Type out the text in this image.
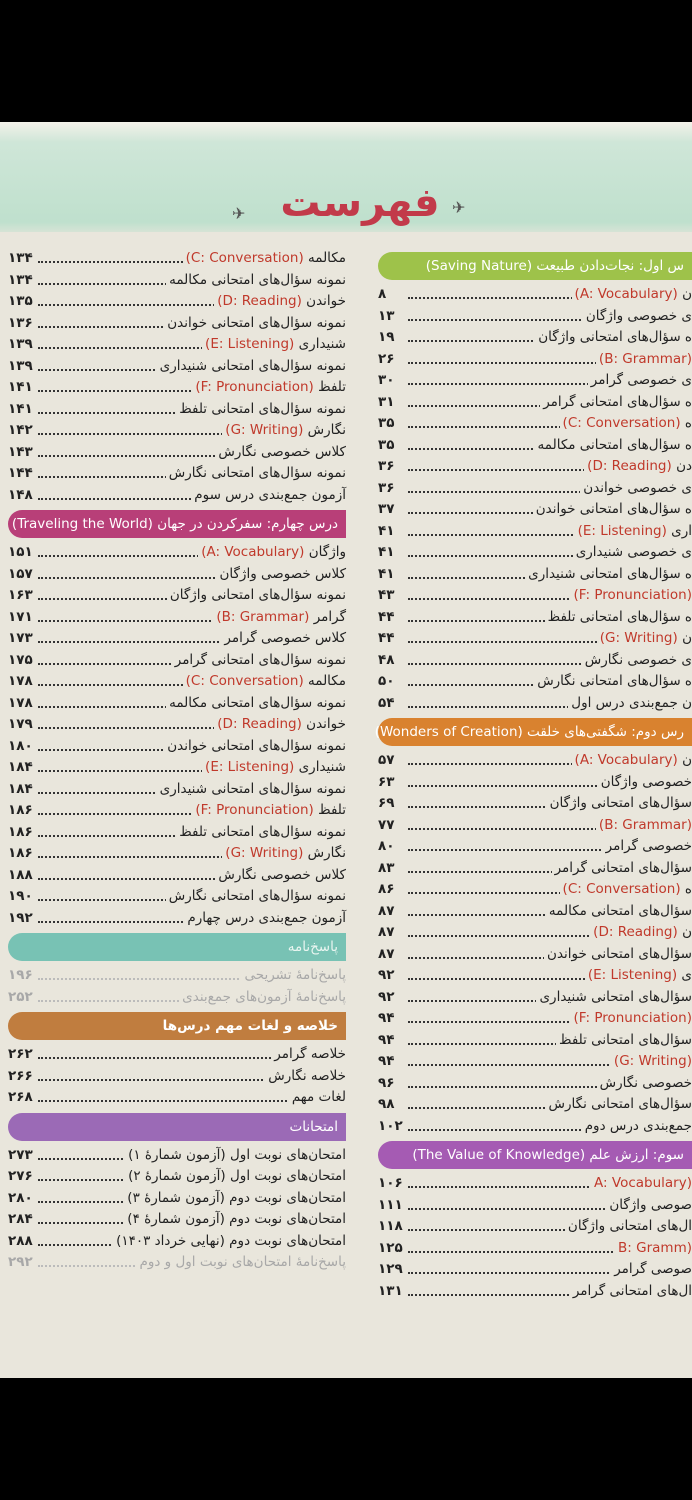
✈	✈
فهرست
س اول: نجات‌دادن طبیعت (Saving Nature)
ن (A: Vocabulary)
۸
ی خصوصی واژگان
۱۳
ه سؤال‌های امتحانی واژگان
۱۹
(B: Grammar)
۲۶
ی خصوصی گرامر
۳۰
ه سؤال‌های امتحانی گرامر
۳۱
ه (C: Conversation)
۳۵
ه سؤال‌های امتحانی مکالمه
۳۵
دن (D: Reading)
۳۶
ی خصوصی خواندن
۳۶
ه سؤال‌های امتحانی خواندن
۳۷
اری (E: Listening)
۴۱
ی خصوصی شنیداری
۴۱
ه سؤال‌های امتحانی شنیداری
۴۱
(F: Pronunciation)
۴۳
ه سؤال‌های امتحانی تلفظ
۴۴
ن (G: Writing)
۴۴
ی خصوصی نگارش
۴۸
ه سؤال‌های امتحانی نگارش
۵۰
ن جمع‌بندی درس اول
۵۴
رس دوم: شگفتی‌های خلقت (Wonders of Creation)
ن (A: Vocabulary)
۵۷
خصوصی واژگان
۶۳
سؤال‌های امتحانی واژگان
۶۹
(B: Grammar)
۷۷
خصوصی گرامر
۸۰
سؤال‌های امتحانی گرامر
۸۳
ه (C: Conversation)
۸۶
سؤال‌های امتحانی مکالمه
۸۷
ن (D: Reading)
۸۷
سؤال‌های امتحانی خواندن
۸۷
ی (E: Listening)
۹۲
سؤال‌های امتحانی شنیداری
۹۲
(F: Pronunciation)
۹۴
سؤال‌های امتحانی تلفظ
۹۴
(G: Writing)
۹۴
خصوصی نگارش
۹۶
سؤال‌های امتحانی نگارش
۹۸
جمع‌بندی درس دوم
۱۰۲
سوم: ارزش علم (The Value of Knowledge)
(A: Vocabulary
۱۰۶
صوصی واژگان
۱۱۱
ال‌های امتحانی واژگان
۱۱۸
(B: Gramm
۱۲۵
صوصی گرامر
۱۲۹
ال‌های امتحانی گرامر
۱۳۱
مکالمه (C: Conversation)
۱۳۴
نمونه سؤال‌های امتحانی مکالمه
۱۳۴
خواندن (D: Reading)
۱۳۵
نمونه سؤال‌های امتحانی خواندن
۱۳۶
شنیداری (E: Listening)
۱۳۹
نمونه سؤال‌های امتحانی شنیداری
۱۳۹
تلفظ (F: Pronunciation)
۱۴۱
نمونه سؤال‌های امتحانی تلفظ
۱۴۱
نگارش (G: Writing)
۱۴۲
کلاس خصوصی نگارش
۱۴۳
نمونه سؤال‌های امتحانی نگارش
۱۴۴
آزمون جمع‌بندی درس سوم
۱۴۸
درس چهارم: سفرکردن در جهان (Traveling the World)
واژگان (A: Vocabulary)
۱۵۱
کلاس خصوصی واژگان
۱۵۷
نمونه سؤال‌های امتحانی واژگان
۱۶۳
گرامر (B: Grammar)
۱۷۱
کلاس خصوصی گرامر
۱۷۳
نمونه سؤال‌های امتحانی گرامر
۱۷۵
مکالمه (C: Conversation)
۱۷۸
نمونه سؤال‌های امتحانی مکالمه
۱۷۸
خواندن (D: Reading)
۱۷۹
نمونه سؤال‌های امتحانی خواندن
۱۸۰
شنیداری (E: Listening)
۱۸۴
نمونه سؤال‌های امتحانی شنیداری
۱۸۴
تلفظ (F: Pronunciation)
۱۸۶
نمونه سؤال‌های امتحانی تلفظ
۱۸۶
نگارش (G: Writing)
۱۸۶
کلاس خصوصی نگارش
۱۸۸
نمونه سؤال‌های امتحانی نگارش
۱۹۰
آزمون جمع‌بندی درس چهارم
۱۹۲
پاسخ‌نامه
پاسخ‌نامهٔ تشریحی
۱۹۶
پاسخ‌نامهٔ آزمون‌های جمع‌بندی
۲۵۲
خلاصه و لغات مهم درس‌ها
خلاصه گرامر
۲۶۲
خلاصه نگارش
۲۶۶
لغات مهم
۲۶۸
امتحانات
امتحان‌های نوبت اول (آزمون شمارهٔ ۱)
۲۷۳
امتحان‌های نوبت اول (آزمون شمارهٔ ۲)
۲۷۶
امتحان‌های نوبت دوم (آزمون شمارهٔ ۳)
۲۸۰
امتحان‌های نوبت دوم (آزمون شمارهٔ ۴)
۲۸۴
امتحان‌های نوبت دوم (نهایی خرداد ۱۴۰۳)
۲۸۸
پاسخ‌نامهٔ امتحان‌های نوبت اول و دوم
۲۹۲
